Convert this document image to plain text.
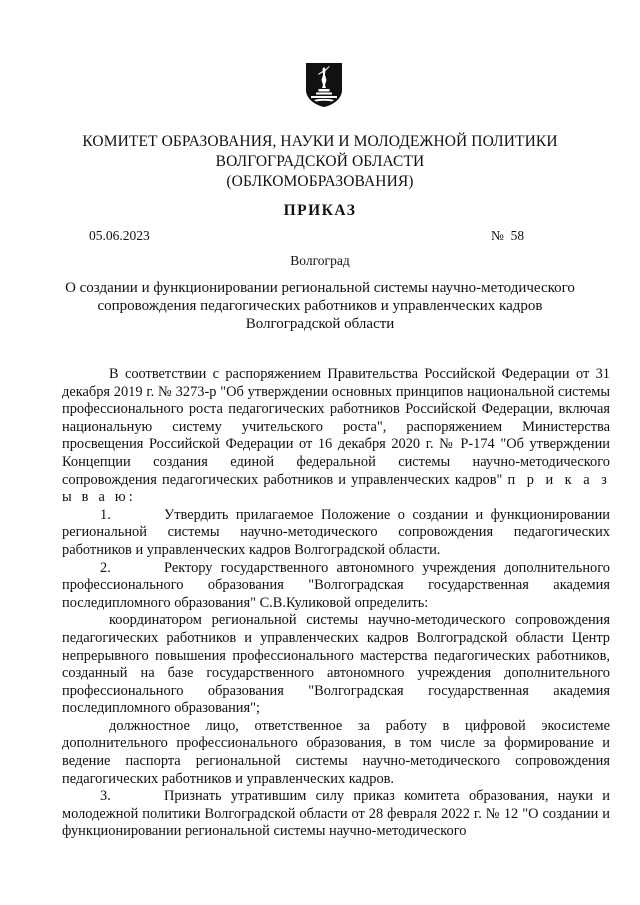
КОМИТЕТ ОБРАЗОВАНИЯ, НАУКИ И МОЛОДЕЖНОЙ ПОЛИТИКИ
ВОЛГОГРАДСКОЙ ОБЛАСТИ
(ОБЛКОМОБРАЗОВАНИЯ)
ПРИКАЗ
05.06.2023	№  58
Волгоград
О создании и функционировании региональной системы научно-методического
сопровождения педагогических работников и управленческих кадров
Волгоградской области

В соответствии с распоряжением Правительства Российской Федерации от 31 декабря 2019 г. № 3273-р "Об утверждении основных принципов национальной системы профессионального роста педагогических работников Российской Федерации, включая национальную систему учительского роста", распоряжением Министерства просвещения Российской Федерации от 16 декабря 2020 г. № Р-174 "Об утверждении Концепции создания единой федеральной системы научно-методического сопровождения педагогических работников и управленческих кадров" п р и к а з ы в а ю:

1.	Утвердить прилагаемое Положение о создании и функционировании региональной системы научно-методического сопровождения педагогических работников и управленческих кадров Волгоградской области.

2.	Ректору государственного автономного учреждения дополнительного профессионального образования "Волгоградская государственная академия последипломного образования" С.В.Куликовой определить:

координатором региональной системы научно-методического сопровождения педагогических работников и управленческих кадров Волгоградской области Центр непрерывного повышения профессионального мастерства педагогических работников, созданный на базе государственного автономного учреждения дополнительного профессионального образования "Волгоградская государственная академия последипломного образования";

должностное лицо, ответственное за работу в цифровой экосистеме дополнительного профессионального образования, в том числе за формирование и ведение паспорта региональной системы научно-методического сопровождения педагогических работников и управленческих кадров.

3.	Признать утратившим силу приказ комитета образования, науки и молодежной политики Волгоградской области от 28 февраля 2022 г. № 12 "О создании и функционировании региональной системы научно-методического
